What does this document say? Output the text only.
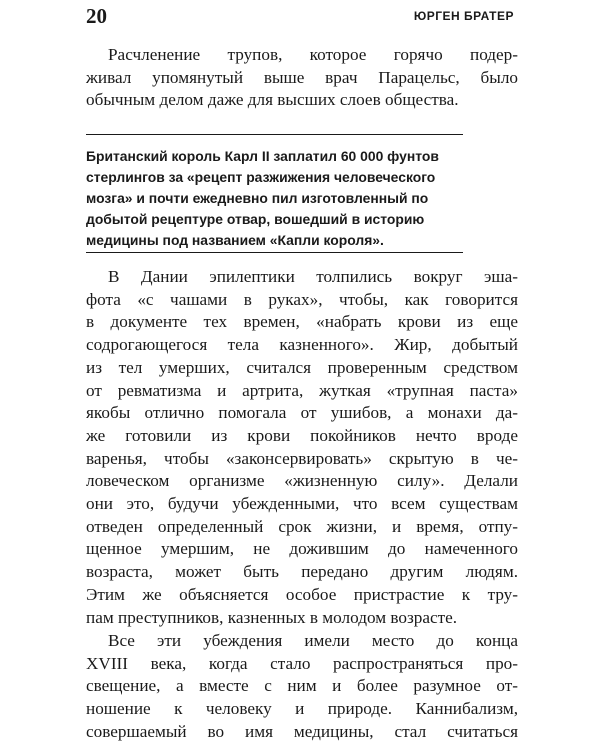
20	ЮРГЕН БРАТЕР

Расчленение трупов, которое горячо подер-
живал упомянутый выше врач Парацельс, было
обычным делом даже для высших слоев общества.

Британский король Карл II заплатил 60 000 фунтов
стерлингов за «рецепт разжижения человеческого
мозга» и почти ежедневно пил изготовленный по
добытой рецептуре отвар, вошедший в историю
медицины под названием «Капли короля».

В Дании эпилептики толпились вокруг эша-
фота «с чашами в руках», чтобы, как говорится
в документе тех времен, «набрать крови из еще
содрогающегося тела казненного». Жир, добытый
из тел умерших, считался проверенным средством
от ревматизма и артрита, жуткая «трупная паста»
якобы отлично помогала от ушибов, а монахи да-
же готовили из крови покойников нечто вроде
варенья, чтобы «законсервировать» скрытую в че-
ловеческом организме «жизненную силу». Делали
они это, будучи убежденными, что всем существам
отведен определенный срок жизни, и время, отпу-
щенное умершим, не дожившим до намеченного
возраста, может быть передано другим людям.
Этим же объясняется особое пристрастие к тру-
пам преступников, казненных в молодом возрасте.

Все эти убеждения имели место до конца
XVIII века, когда стало распространяться про-
свещение, а вместе с ним и более разумное от-
ношение к человеку и природе. Каннибализм,
совершаемый во имя медицины, стал считаться
